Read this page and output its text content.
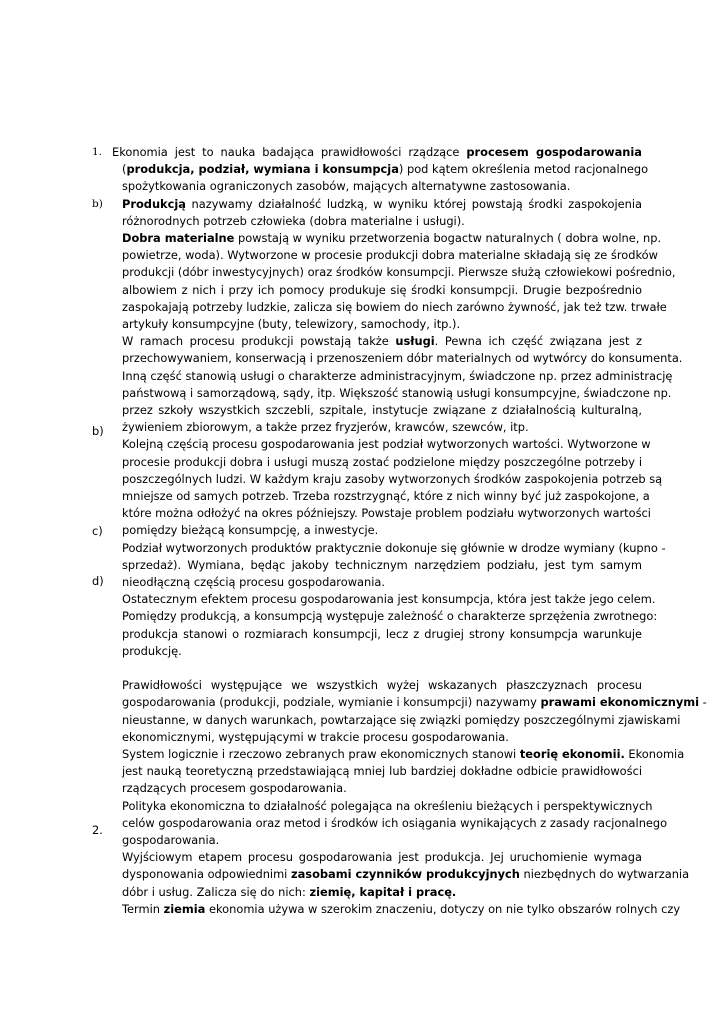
1.
b)
b)
c)
d)
2.
Ekonomia jest to nauka badająca prawidłowości rządzące procesem gospodarowania
(produkcja, podział, wymiana i konsumpcja) pod kątem określenia metod racjonalnego
spożytkowania ograniczonych zasobów, mających alternatywne zastosowania.
Produkcją nazywamy działalność ludzką, w wyniku której powstają środki zaspokojenia
różnorodnych potrzeb człowieka (dobra materialne i usługi).
Dobra materialne powstają w wyniku przetworzenia bogactw naturalnych ( dobra wolne, np.
powietrze, woda). Wytworzone w procesie produkcji dobra materialne składają się ze środków
produkcji (dóbr inwestycyjnych) oraz środków konsumpcji. Pierwsze służą człowiekowi pośrednio,
albowiem z nich i przy ich pomocy produkuje się środki konsumpcji. Drugie bezpośrednio
zaspokajają potrzeby ludzkie, zalicza się bowiem do niech zarówno żywność, jak też tzw. trwałe
artykuły konsumpcyjne (buty, telewizory, samochody, itp.).
W ramach procesu produkcji powstają także usługi. Pewna ich część związana jest z
przechowywaniem, konserwacją i przenoszeniem dóbr materialnych od wytwórcy do konsumenta.
Inną część stanowią usługi o charakterze administracyjnym, świadczone np. przez administrację
państwową i samorządową, sądy, itp. Większość stanowią usługi konsumpcyjne, świadczone np.
przez szkoły wszystkich szczebli, szpitale, instytucje związane z działalnością kulturalną,
żywieniem zbiorowym, a także przez fryzjerów, krawców, szewców, itp.
Kolejną częścią procesu gospodarowania jest podział wytworzonych wartości. Wytworzone w
procesie produkcji dobra i usługi muszą zostać podzielone między poszczególne potrzeby i
poszczególnych ludzi. W każdym kraju zasoby wytworzonych środków zaspokojenia potrzeb są
mniejsze od samych potrzeb. Trzeba rozstrzygnąć, które z nich winny być już zaspokojone, a
które można odłożyć na okres późniejszy. Powstaje problem podziału wytworzonych wartości
pomiędzy bieżącą konsumpcję, a inwestycje.
Podział wytworzonych produktów praktycznie dokonuje się głównie w drodze wymiany (kupno -
sprzedaż). Wymiana, będąc jakoby technicznym narzędziem podziału, jest tym samym
nieodłączną częścią procesu gospodarowania.
Ostatecznym efektem procesu gospodarowania jest konsumpcja, która jest także jego celem.
Pomiędzy produkcją, a konsumpcją występuje zależność o charakterze sprzężenia zwrotnego:
produkcja stanowi o rozmiarach konsumpcji, lecz z drugiej strony konsumpcja warunkuje
produkcję.
Prawidłowości występujące we wszystkich wyżej wskazanych płaszczyznach procesu
gospodarowania (produkcji, podziale, wymianie i konsumpcji) nazywamy prawami ekonomicznymi -
nieustanne, w danych warunkach, powtarzające się związki pomiędzy poszczególnymi zjawiskami
ekonomicznymi, występującymi w trakcie procesu gospodarowania.
System logicznie i rzeczowo zebranych praw ekonomicznych stanowi teorię ekonomii. Ekonomia
jest nauką teoretyczną przedstawiającą mniej lub bardziej dokładne odbicie prawidłowości
rządzących procesem gospodarowania.
Polityka ekonomiczna to działalność polegająca na określeniu bieżących i perspektywicznych
celów gospodarowania oraz metod i środków ich osiągania wynikających z zasady racjonalnego
gospodarowania.
Wyjściowym etapem procesu gospodarowania jest produkcja. Jej uruchomienie wymaga
dysponowania odpowiednimi zasobami czynników produkcyjnych niezbędnych do wytwarzania
dóbr i usług. Zalicza się do nich: ziemię, kapitał i pracę.
Termin ziemia ekonomia używa w szerokim znaczeniu, dotyczy on nie tylko obszarów rolnych czy
